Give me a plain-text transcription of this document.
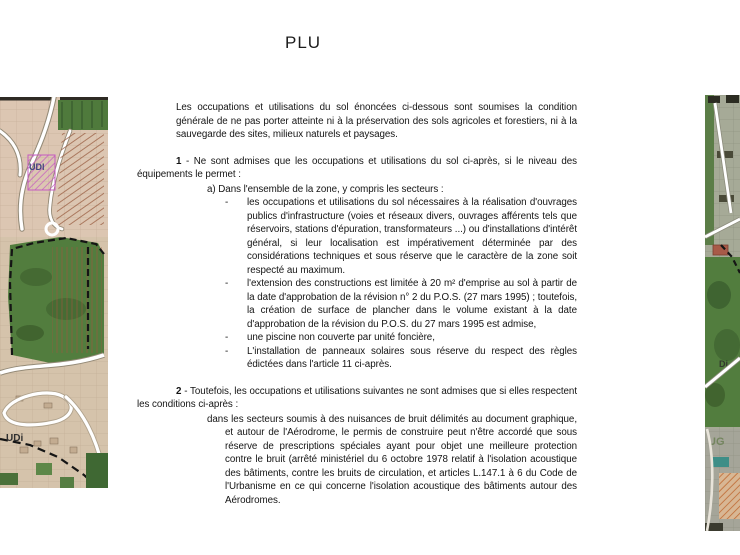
PLU
UDl
UDi
Di
UG

Les occupations et utilisations du sol énoncées ci-dessous sont soumises la condition générale de ne pas porter atteinte ni à la préservation des sols agricoles et forestiers, ni à la sauvegarde des sites, milieux naturels et paysages.

1 - Ne sont admises que les occupations et utilisations du sol ci-après, si le niveau des équipements le permet :

a) Dans l'ensemble de la zone, y compris les secteurs :

- les occupations et utilisations du sol nécessaires à la réalisation d'ouvrages publics d'infrastructure (voies et réseaux divers, ouvrages afférents tels que réservoirs, stations d'épuration, transformateurs ...) ou d'installations d'intérêt général, si leur localisation est impérativement déterminée par des considérations techniques et sous réserve que le caractère de la zone soit respecté au maximum.
- l'extension des constructions est limitée à 20 m² d'emprise au sol à partir de la date d'approbation de la révision n° 2 du P.O.S. (27 mars 1995) ; toutefois, la création de surface de plancher dans le volume existant à la date d'approbation de la révision du P.O.S. du 27 mars 1995 est admise,
- une piscine non couverte par unité foncière,
- L'installation de panneaux solaires sous réserve du respect des règles édictées dans l'article 11 ci-après.

2 - Toutefois, les occupations et utilisations suivantes ne sont admises que si elles respectent les conditions ci-après :

dans les secteurs soumis à des nuisances de bruit délimités au document graphique, et autour de l'Aérodrome, le permis de construire peut n'être accordé que sous réserve de prescriptions spéciales ayant pour objet une meilleure protection contre le bruit (arrêté ministériel du 6 octobre 1978 relatif à l'isolation acoustique des bâtiments, contre les bruits de circulation, et articles L.147.1 à 6 du Code de l'Urbanisme en ce qui concerne l'isolation acoustique des bâtiments autour des Aérodromes.
